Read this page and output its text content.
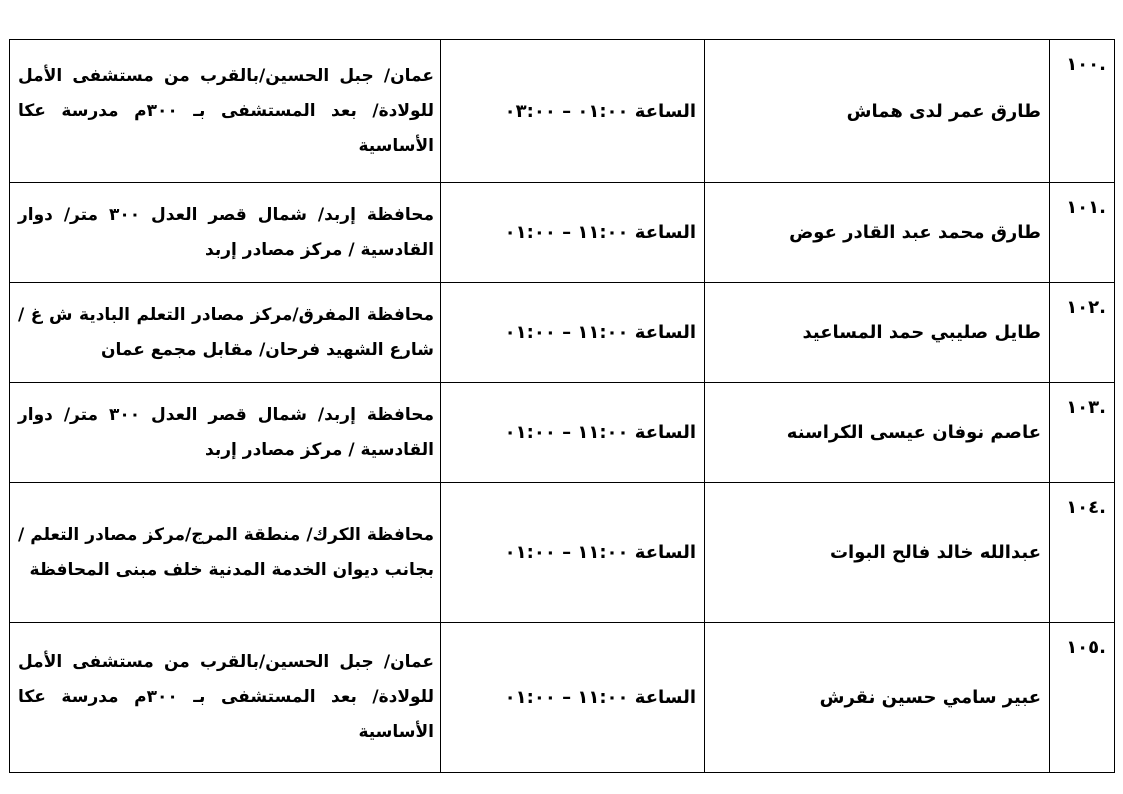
.١٠٠	طارق عمر لدى هماش	الساعة ٠١:٠٠ – ٠٣:٠٠	عمان/ جبل الحسين/بالقرب من مستشفى الأمل للولادة/ بعد المستشفى بـ ٣٠٠م مدرسة عكا الأساسية
.١٠١	طارق محمد عبد القادر عوض	الساعة ١١:٠٠ – ٠١:٠٠	محافظة إربد/ شمال قصر العدل ٣٠٠ متر/ دوار القادسية / مركز مصادر إربد
.١٠٢	طايل صليبي حمد المساعيد	الساعة ١١:٠٠ – ٠١:٠٠	محافظة المفرق/مركز مصادر التعلم البادية ش غ / شارع الشهيد فرحان/ مقابل مجمع عمان
.١٠٣	عاصم نوفان عيسى الكراسنه	الساعة ١١:٠٠ – ٠١:٠٠	محافظة إربد/ شمال قصر العدل ٣٠٠ متر/ دوار القادسية / مركز مصادر إربد
.١٠٤	عبدالله خالد فالح البوات	الساعة ١١:٠٠ – ٠١:٠٠	محافظة الكرك/ منطقة المرج/مركز مصادر التعلم / بجانب ديوان الخدمة المدنية خلف مبنى المحافظة
.١٠٥	عبير سامي حسين نقرش	الساعة ١١:٠٠ – ٠١:٠٠	عمان/ جبل الحسين/بالقرب من مستشفى الأمل للولادة/ بعد المستشفى بـ ٣٠٠م مدرسة عكا الأساسية
